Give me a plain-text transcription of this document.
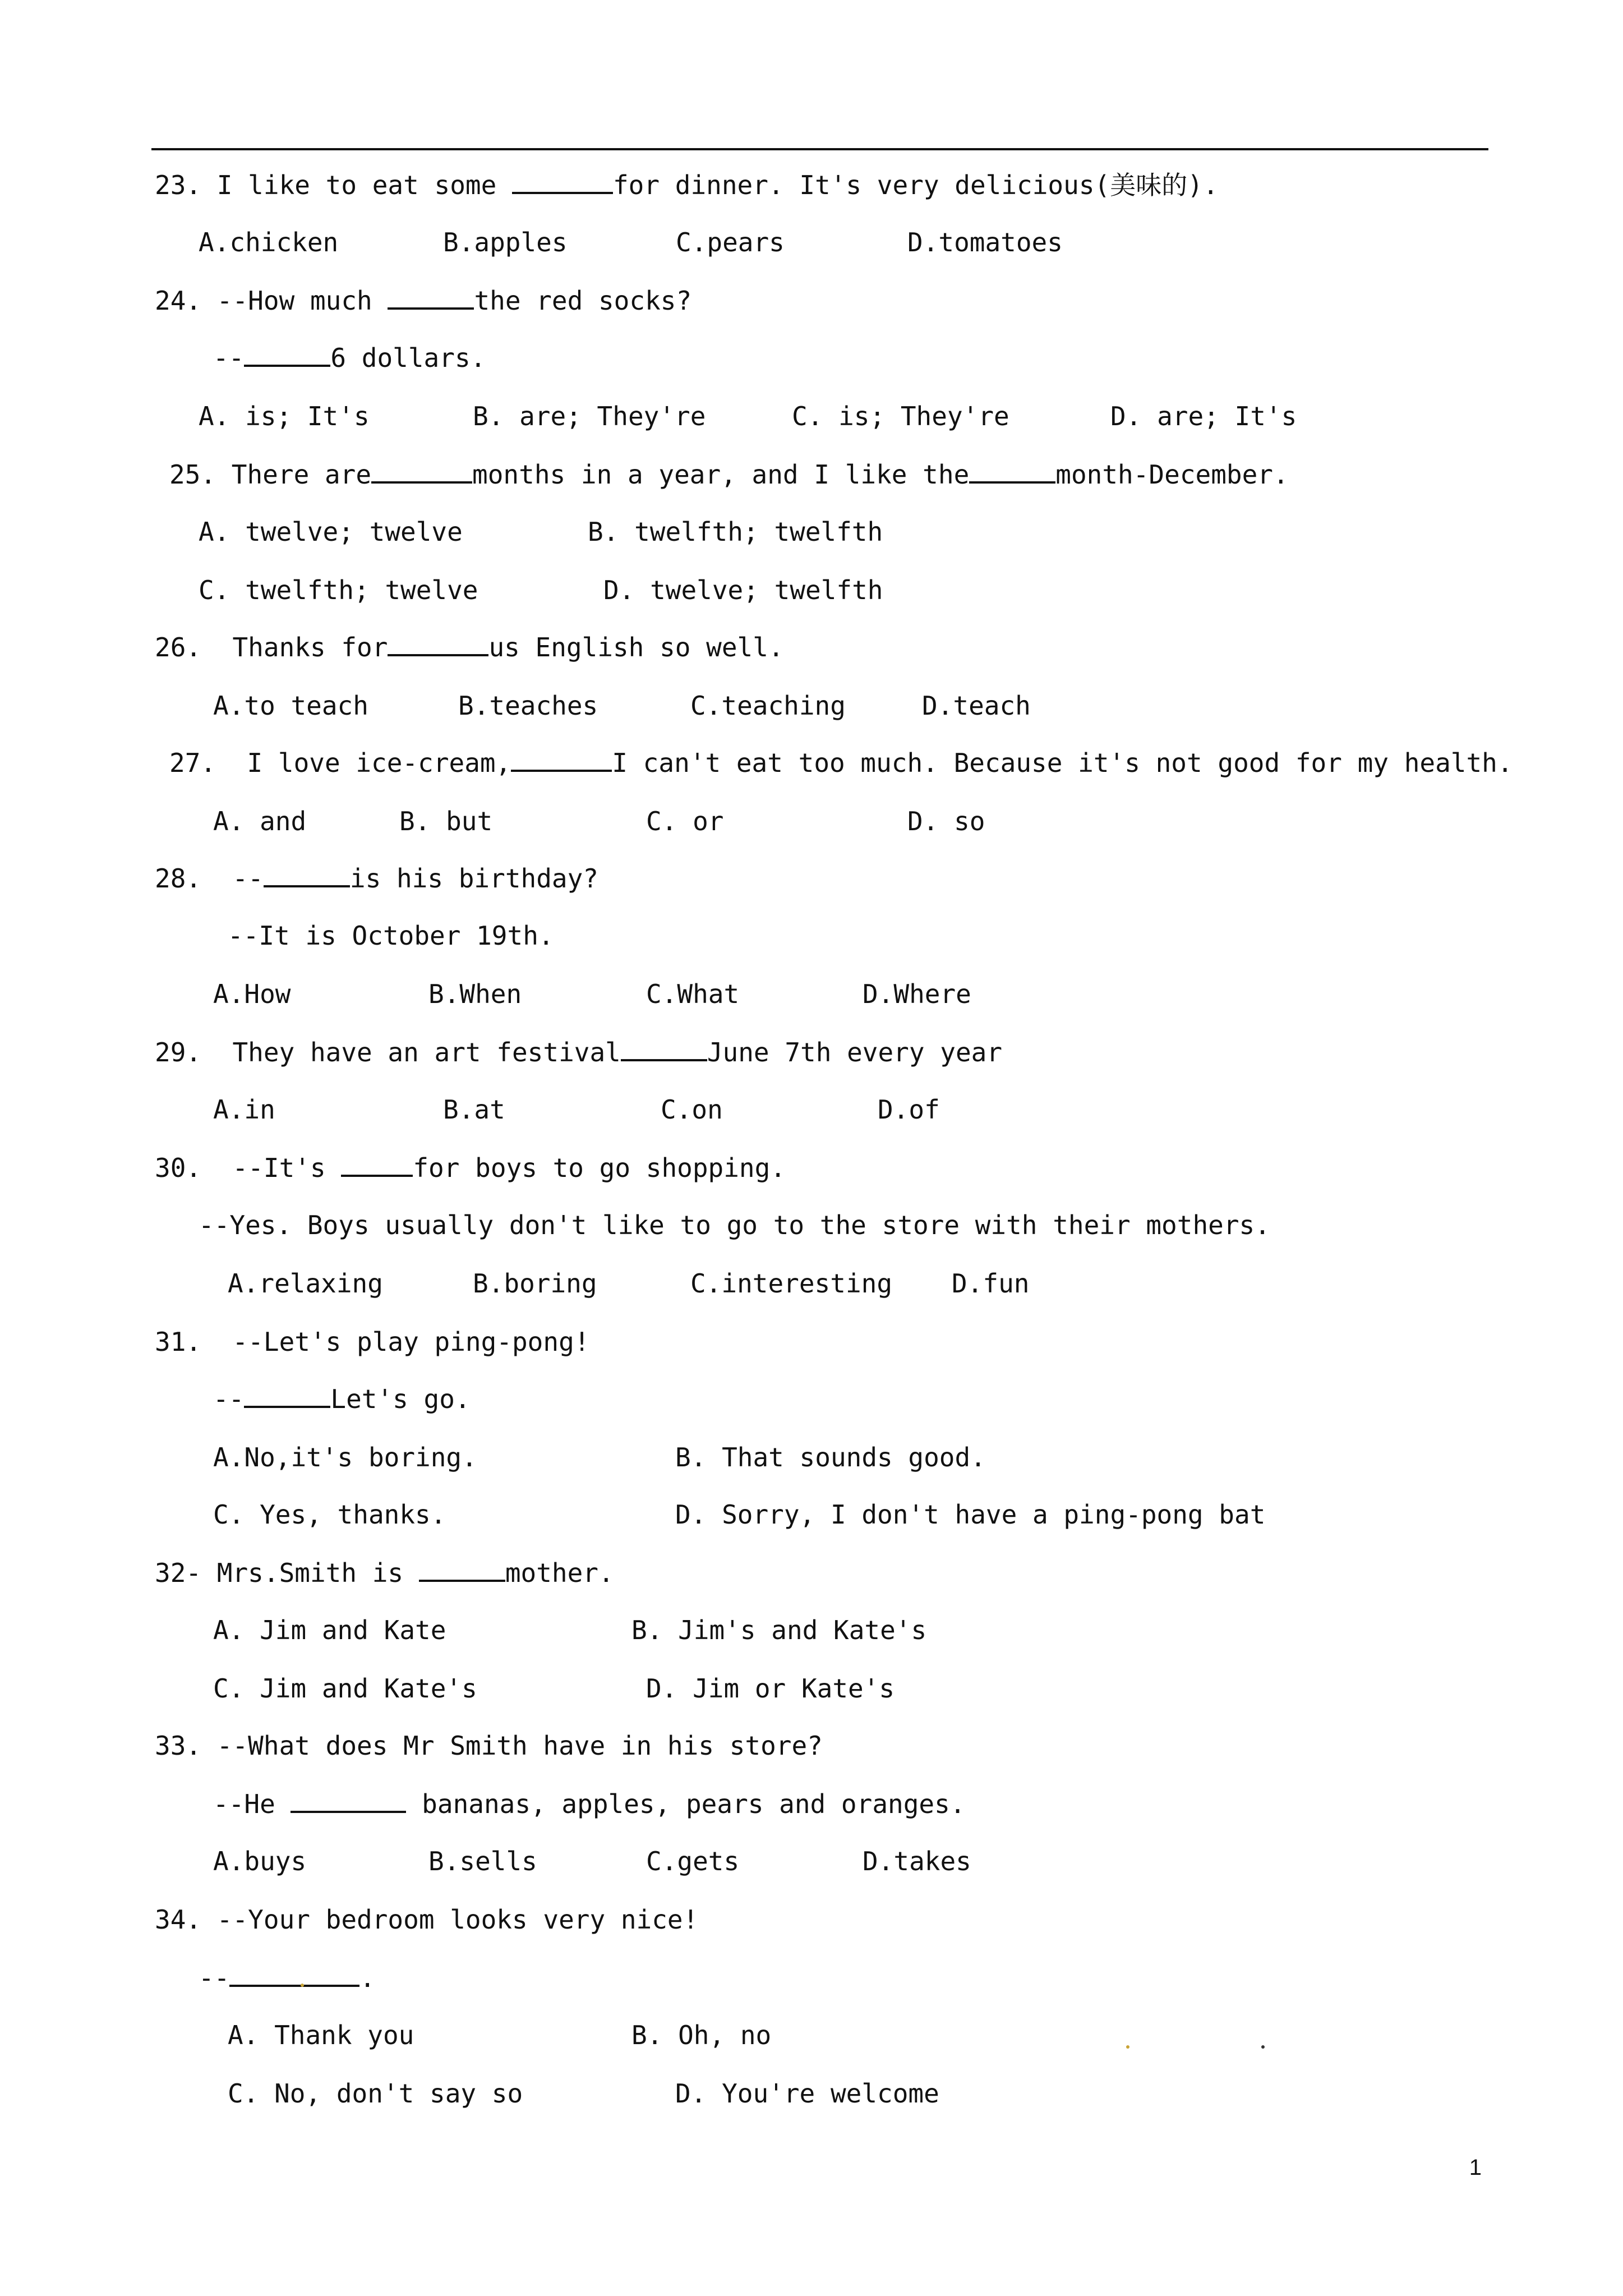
23. I like to eat some	for dinner. It's very delicious(美味的).
A.chicken	B.apples	C.pears	D.tomatoes
24. --How much	the red socks?
--	6 dollars.
A. is; It's	B. are; They're	C. is; They're	D. are; It's
25. There are	months in a year, and I like the	month-December.
A. twelve; twelve	B. twelfth; twelfth
C. twelfth; twelve	D. twelve; twelfth
26. Thanks for	us English so well.
A.to teach	B.teaches	C.teaching	D.teach
27. I love ice-cream,	I can't eat too much. Because it's not good for my health.
A. and	B. but	C. or	D. so
28. --	is his birthday?
--It is October 19th.
A.How	B.When	C.What	D.Where
29. They have an art festival	June 7th every year
A.in	B.at	C.on	D.of
30. --It's	for boys to go shopping.
--Yes. Boys usually don't like to go to the store with their mothers.
A.relaxing	B.boring	C.interesting D.fun
31. --Let's play ping-pong!
--	Let's go.
A.No,it's boring.	B. That sounds good.
C. Yes, thanks.	D. Sorry, I don't have a ping-pong bat
32- Mrs.Smith is	mother.
A. Jim and Kate	B. Jim's and Kate's
C. Jim and Kate's	D. Jim or Kate's
33. --What does Mr Smith have in his store?
--He	bananas, apples, pears and oranges.
A.buys	B.sells	C.gets	D.takes
34. --Your bedroom looks very nice!
--	.
A. Thank you	B. Oh, no
C. No, don't say so	D. You're welcome
1
